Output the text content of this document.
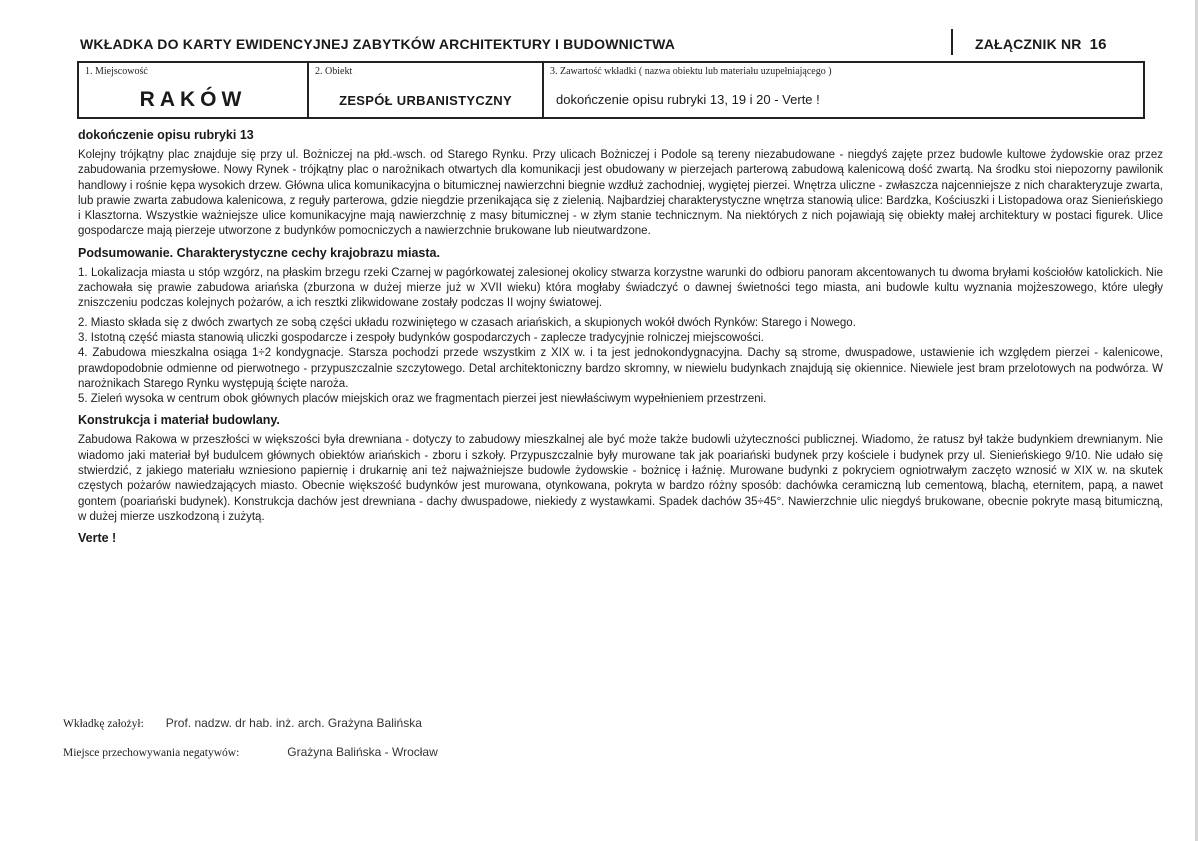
WKŁADKA DO KARTY EWIDENCYJNEJ ZABYTKÓW ARCHITEKTURY I BUDOWNICTWA	ZAŁĄCZNIK NR 16
1. Miejscowość
RAKÓW
2. Obiekt
ZESPÓŁ URBANISTYCZNY
3. Zawartość wkładki ( nazwa obiektu lub materiału uzupełniającego )
dokończenie opisu rubryki 13, 19 i 20 - Verte !
dokończenie opisu rubryki 13

Kolejny trójkątny plac znajduje się przy ul. Bożniczej na płd.-wsch. od Starego Rynku. Przy ulicach Bożniczej i Podole są tereny niezabudowane - niegdyś zajęte przez budowle kultowe żydowskie oraz przez zabudowania przemysłowe. Nowy Rynek - trójkątny plac o narożnikach otwartych dla komunikacji jest obudowany w pierzejach parterową zabudową kalenicową dość zwartą. Na środku stoi niepozorny pawilonik handlowy i rośnie kępa wysokich drzew. Główna ulica komunikacyjna o bitumicznej nawierzchni biegnie wzdłuż zachodniej, wygiętej pierzei. Wnętrza uliczne - zwłaszcza najcenniejsze z nich charakteryzuje zwarta, lub prawie zwarta zabudowa kalenicowa, z reguły parterowa, gdzie niegdzie przenikająca się z zielenią. Najbardziej charakterystyczne wnętrza stanowią ulice: Bardzka, Kościuszki i Listopadowa oraz Sienieńskiego i Klasztorna. Wszystkie ważniejsze ulice komunikacyjne mają nawierzchnię z masy bitumicznej - w złym stanie technicznym. Na niektórych z nich pojawiają się obiekty małej architektury w postaci figurek. Ulice gospodarcze mają pierzeje utworzone z budynków pomocniczych a nawierzchnie brukowane lub nieutwardzone.

Podsumowanie. Charakterystyczne cechy krajobrazu miasta.

1. Lokalizacja miasta u stóp wzgórz, na płaskim brzegu rzeki Czarnej w pagórkowatej zalesionej okolicy stwarza korzystne warunki do odbioru panoram akcentowanych tu dwoma bryłami kościołów katolickich. Nie zachowała się prawie zabudowa ariańska (zburzona w dużej mierze już w XVII wieku) która mogłaby świadczyć o dawnej świetności tego miasta, ani budowle kultu wyznania mojżeszowego, które uległy zniszczeniu podczas kolejnych pożarów, a ich resztki zlikwidowane zostały podczas II wojny światowej.

2. Miasto składa się z dwóch zwartych ze sobą części układu rozwiniętego w czasach ariańskich, a skupionych wokół dwóch Rynków: Starego i Nowego.

3. Istotną część miasta stanowią uliczki gospodarcze i zespoły budynków gospodarczych - zaplecze tradycyjnie rolniczej miejscowości.

4. Zabudowa mieszkalna osiąga 1÷2 kondygnacje. Starsza pochodzi przede wszystkim z XIX w. i ta jest jednokondygnacyjna. Dachy są strome, dwuspadowe, ustawienie ich względem pierzei - kalenicowe, prawdopodobnie odmienne od pierwotnego - przypuszczalnie szczytowego. Detal architektoniczny bardzo skromny, w niewielu budynkach znajdują się okiennice. Niewiele jest bram przelotowych na podwórza. W narożnikach Starego Rynku występują ścięte naroża.

5. Zieleń wysoka w centrum obok głównych placów miejskich oraz we fragmentach pierzei jest niewłaściwym wypełnieniem przestrzeni.

Konstrukcja i materiał budowlany.

Zabudowa Rakowa w przeszłości w większości była drewniana - dotyczy to zabudowy mieszkalnej ale być może także budowli użyteczności publicznej. Wiadomo, że ratusz był także budynkiem drewnianym. Nie wiadomo jaki materiał był budulcem głównych obiektów ariańskich - zboru i szkoły. Przypuszczalnie były murowane tak jak poariański budynek przy kościele i budynek przy ul. Sienieńskiego 9/10. Nie udało się stwierdzić, z jakiego materiału wzniesiono papiernię i drukarnię ani też najważniejsze budowle żydowskie - bożnicę i łaźnię. Murowane budynki z pokryciem ogniotrwałym zaczęto wznosić w XIX w. na skutek częstych pożarów nawiedzających miasto. Obecnie większość budynków jest murowana, otynkowana, pokryta w bardzo różny sposób: dachówka ceramiczną lub cementową, blachą, eternitem, papą, a nawet gontem (poariański budynek). Konstrukcja dachów jest drewniana - dachy dwuspadowe, niekiedy z wystawkami. Spadek dachów 35÷45°. Nawierzchnie ulic niegdyś brukowane, obecnie pokryte masą bitumiczną, w dużej mierze uszkodzoną i zużytą.

Verte !
Wkładkę założył: Prof. nadzw. dr hab. inż. arch. Grażyna Balińska
Miejsce przechowywania negatywów:	Grażyna Balińska - Wrocław
